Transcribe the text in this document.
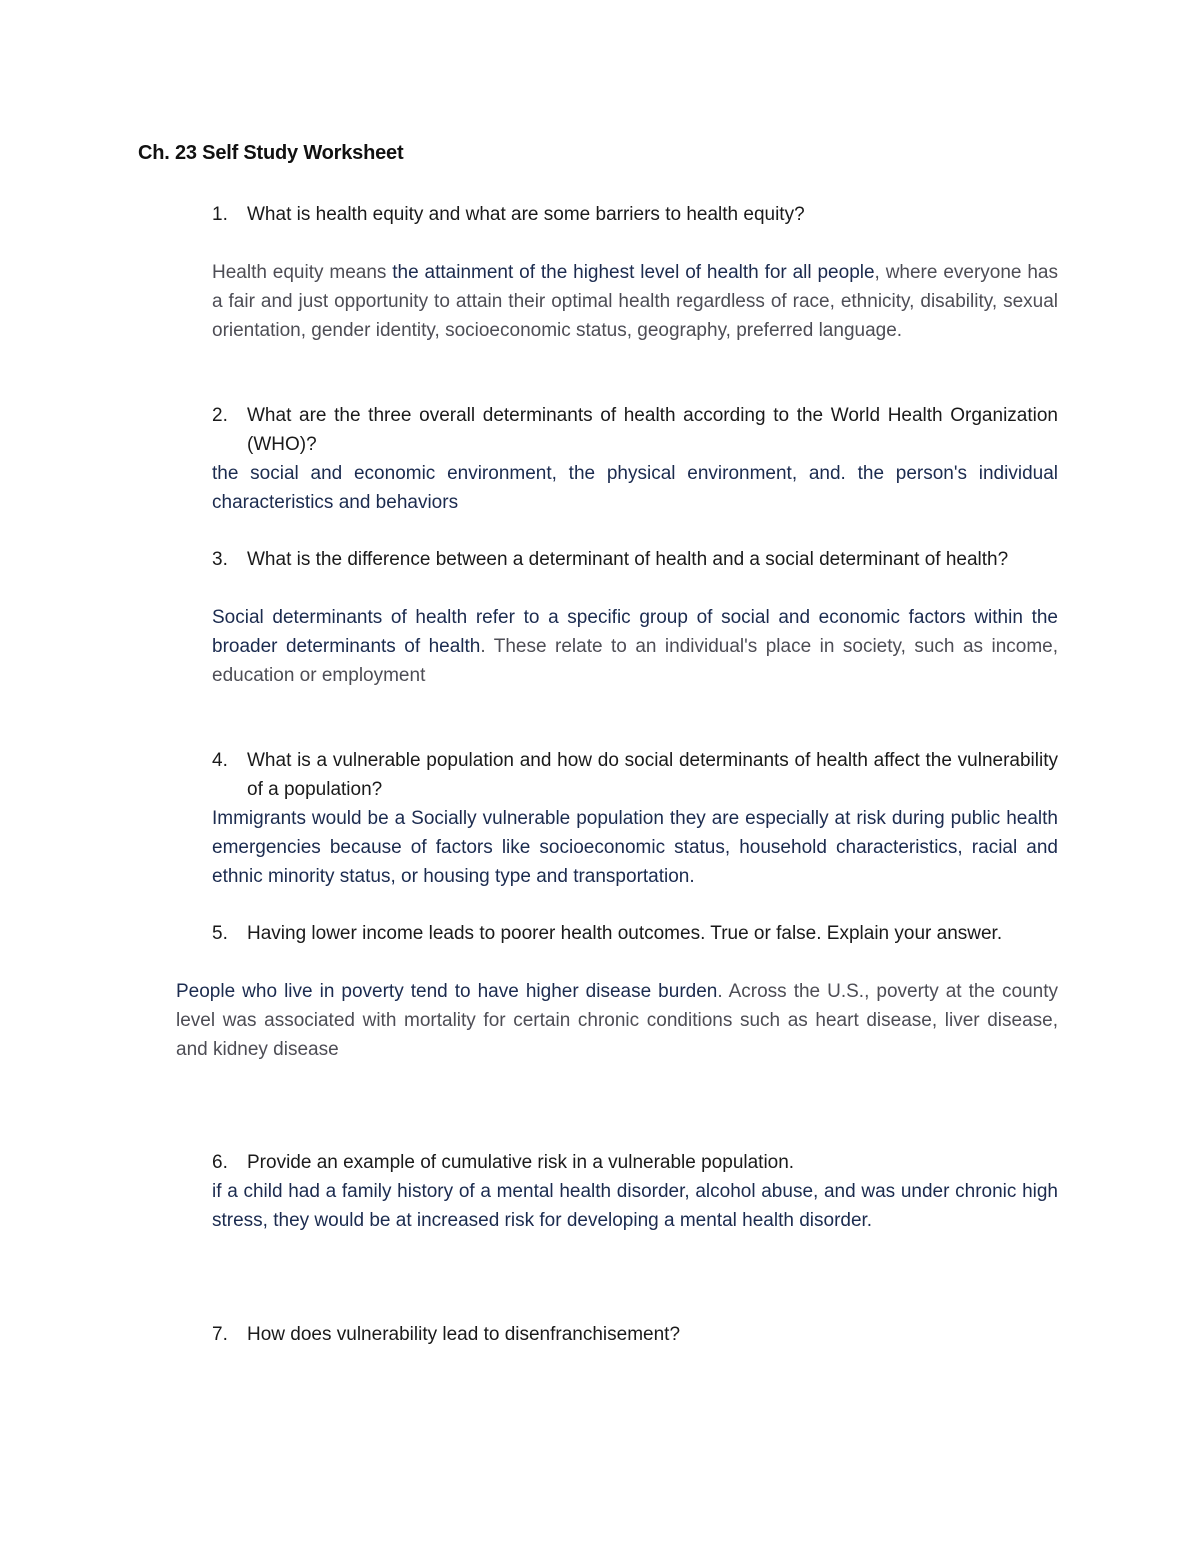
Ch. 23 Self Study Worksheet
1. What is health equity and what are some barriers to health equity?
Health equity means the attainment of the highest level of health for all people, where everyone has a fair and just opportunity to attain their optimal health regardless of race, ethnicity, disability, sexual orientation, gender identity, socioeconomic status, geography, preferred language.
2. What are the three overall determinants of health according to the World Health Organization (WHO)?
the social and economic environment, the physical environment, and. the person's individual characteristics and behaviors
3. What is the difference between a determinant of health and a social determinant of health?
Social determinants of health refer to a specific group of social and economic factors within the broader determinants of health. These relate to an individual's place in society, such as income, education or employment
4. What is a vulnerable population and how do social determinants of health affect the vulnerability of a population?
Immigrants would be a Socially vulnerable population they are especially at risk during public health emergencies because of factors like socioeconomic status, household characteristics, racial and ethnic minority status, or housing type and transportation.
5. Having lower income leads to poorer health outcomes. True or false. Explain your answer.
People who live in poverty tend to have higher disease burden. Across the U.S., poverty at the county level was associated with mortality for certain chronic conditions such as heart disease, liver disease, and kidney disease
6. Provide an example of cumulative risk in a vulnerable population.
if a child had a family history of a mental health disorder, alcohol abuse, and was under chronic high stress, they would be at increased risk for developing a mental health disorder.
7. How does vulnerability lead to disenfranchisement?
